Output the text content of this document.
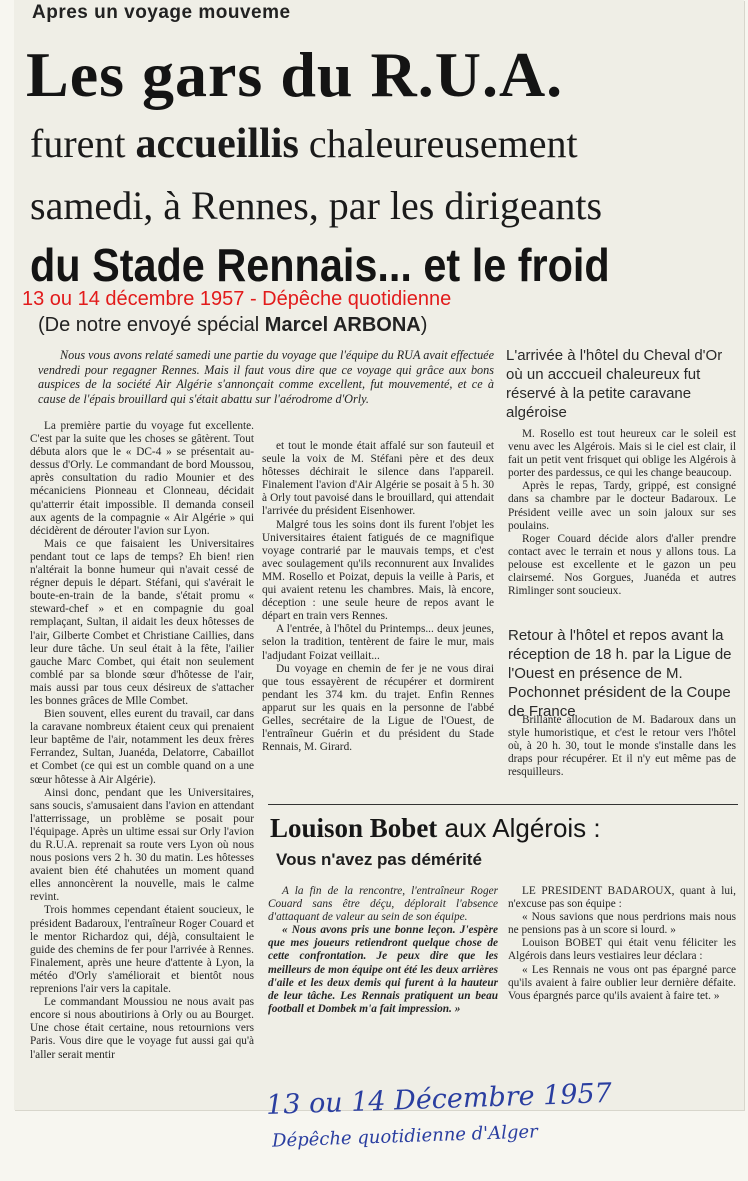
Apres un voyage mouveme
Les gars du R.U.A.
furent accueillis chaleureusement
samedi, à Rennes, par les dirigeants
du Stade Rennais... et le froid
13 ou 14 décembre 1957 - Dépêche quotidienne
(De notre envoyé spécial Marcel ARBONA)
Nous vous avons relaté samedi une partie du voyage que l'équipe du RUA avait effectuée vendredi pour regagner Rennes. Mais il faut vous dire que ce voyage qui grâce aux bons auspices de la société Air Algérie s'annonçait comme excellent, fut mouvementé, et ce à cause de l'épais brouillard qui s'était abattu sur l'aérodrome d'Orly.

La première partie du voyage fut excellente. C'est par la suite que les choses se gâtèrent. Tout débuta alors que le « DC-4 » se présentait au-dessus d'Orly. Le commandant de bord Moussou, après consultation du radio Mounier et des mécaniciens Pionneau et Clonneau, décidait qu'atterrir était impossible. Il demanda conseil aux agents de la compagnie « Air Algérie » qui décidèrent de dérouter l'avion sur Lyon.

Mais ce que faisaient les Universitaires pendant tout ce laps de temps? Eh bien! rien n'altérait la bonne humeur qui n'avait cessé de régner depuis le départ. Stéfani, qui s'avérait le boute-en-train de la bande, s'était promu « steward-chef » et en compagnie du goal remplaçant, Sultan, il aidait les deux hôtesses de l'air, Gilberte Combet et Christiane Caillies, dans leur dure tâche. Un seul était à la fête, l'ailier gauche Marc Combet, qui était non seulement comblé par sa blonde sœur d'hôtesse de l'air, mais aussi par tous ceux désireux de s'attacher les bonnes grâces de Mlle Combet.

Bien souvent, elles eurent du travail, car dans la caravane nombreux étaient ceux qui prenaient leur baptême de l'air, notamment les deux frères Ferrandez, Sultan, Juanéda, Delatorre, Cabaillot et Combet (ce qui est un comble quand on a une sœur hôtesse à Air Algérie).

Ainsi donc, pendant que les Universitaires, sans soucis, s'amusaient dans l'avion en attendant l'atterrissage, un problème se posait pour l'équipage. Après un ultime essai sur Orly l'avion du R.U.A. reprenait sa route vers Lyon où nous nous posions vers 2 h. 30 du matin. Les hôtesses avaient bien été chahutées un moment quand elles annoncèrent la nouvelle, mais le calme revint.

Trois hommes cependant étaient soucieux, le président Badaroux, l'entraîneur Roger Couard et le mentor Richardoz qui, déjà, consultaient le guide des chemins de fer pour l'arrivée à Rennes. Finalement, après une heure d'attente à Lyon, la météo d'Orly s'améliorait et bientôt nous reprenions l'air vers la capitale.

Le commandant Moussiou ne nous avait pas encore si nous aboutirions à Orly ou au Bourget. Une chose était certaine, nous retournions vers Paris. Vous dire que le voyage fut aussi gai qu'à l'aller serait mentir

et tout le monde était affalé sur son fauteuil et seule la voix de M. Stéfani père et des deux hôtesses déchirait le silence dans l'appareil. Finalement l'avion d'Air Algérie se posait à 5 h. 30 à Orly tout pavoisé dans le brouillard, qui attendait l'arrivée du président Eisenhower.

Malgré tous les soins dont ils furent l'objet les Universitaires étaient fatigués de ce magnifique voyage contrarié par le mauvais temps, et c'est avec soulagement qu'ils reconnurent aux Invalides MM. Rosello et Poizat, depuis la veille à Paris, et qui avaient retenu les chambres. Mais, là encore, déception : une seule heure de repos avant le départ en train vers Rennes.

A l'entrée, à l'hôtel du Printemps... deux jeunes, selon la tradition, tentèrent de faire le mur, mais l'adjudant Foizat veillait...

Du voyage en chemin de fer je ne vous dirai que tous essayèrent de récupérer et dormirent pendant les 374 km. du trajet. Enfin Rennes apparut sur les quais en la personne de l'abbé Gelles, secrétaire de la Ligue de l'Ouest, de l'entraîneur Guérin et du président du Stade Rennais, M. Girard.

L'arrivée à l'hôtel du Cheval d'Or où un acccueil chaleureux fut réservé à la petite caravane algéroise

M. Rosello est tout heureux car le soleil est venu avec les Algérois. Mais si le ciel est clair, il fait un petit vent frisquet qui oblige les Algérois à porter des pardessus, ce qui les change beaucoup.

Après le repas, Tardy, grippé, est consigné dans sa chambre par le docteur Badaroux. Le Président veille avec un soin jaloux sur ses poulains.

Roger Couard décide alors d'aller prendre contact avec le terrain et nous y allons tous. La pelouse est excellente et le gazon un peu clairsemé. Nos Gorgues, Juanéda et autres Rimlinger sont soucieux.

Retour à l'hôtel et repos avant la réception de 18 h. par la Ligue de l'Ouest en présence de M. Pochonnet président de la Coupe de France

Brillante allocution de M. Badaroux dans un style humoristique, et c'est le retour vers l'hôtel où, à 20 h. 30, tout le monde s'installe dans les draps pour récupérer. Et il n'y eut même pas de resquilleurs.

Louison Bobet aux Algérois :
Vous n'avez pas démérité

A la fin de la rencontre, l'entraîneur Roger Couard sans être déçu, déplorait l'absence d'attaquant de valeur au sein de son équipe.

« Nous avons pris une bonne leçon. J'espère que mes joueurs retiendront quelque chose de cette confrontation. Je peux dire que les meilleurs de mon équipe ont été les deux arrières d'aile et les deux demis qui furent à la hauteur de leur tâche. Les Rennais pratiquent un beau football et Dombek m'a fait impression. »

LE PRESIDENT BADAROUX, quant à lui, n'excuse pas son équipe :

« Nous savions que nous perdrions mais nous ne pensions pas à un score si lourd. »

Louison BOBET qui était venu féliciter les Algérois dans leurs vestiaires leur déclara :

« Les Rennais ne vous ont pas épargné parce qu'ils avaient à faire oublier leur dernière défaite. Vous épargnés parce qu'ils avaient à faire tet. »

13 ou 14 Décembre 1957
Dépêche quotidienne d'Alger
